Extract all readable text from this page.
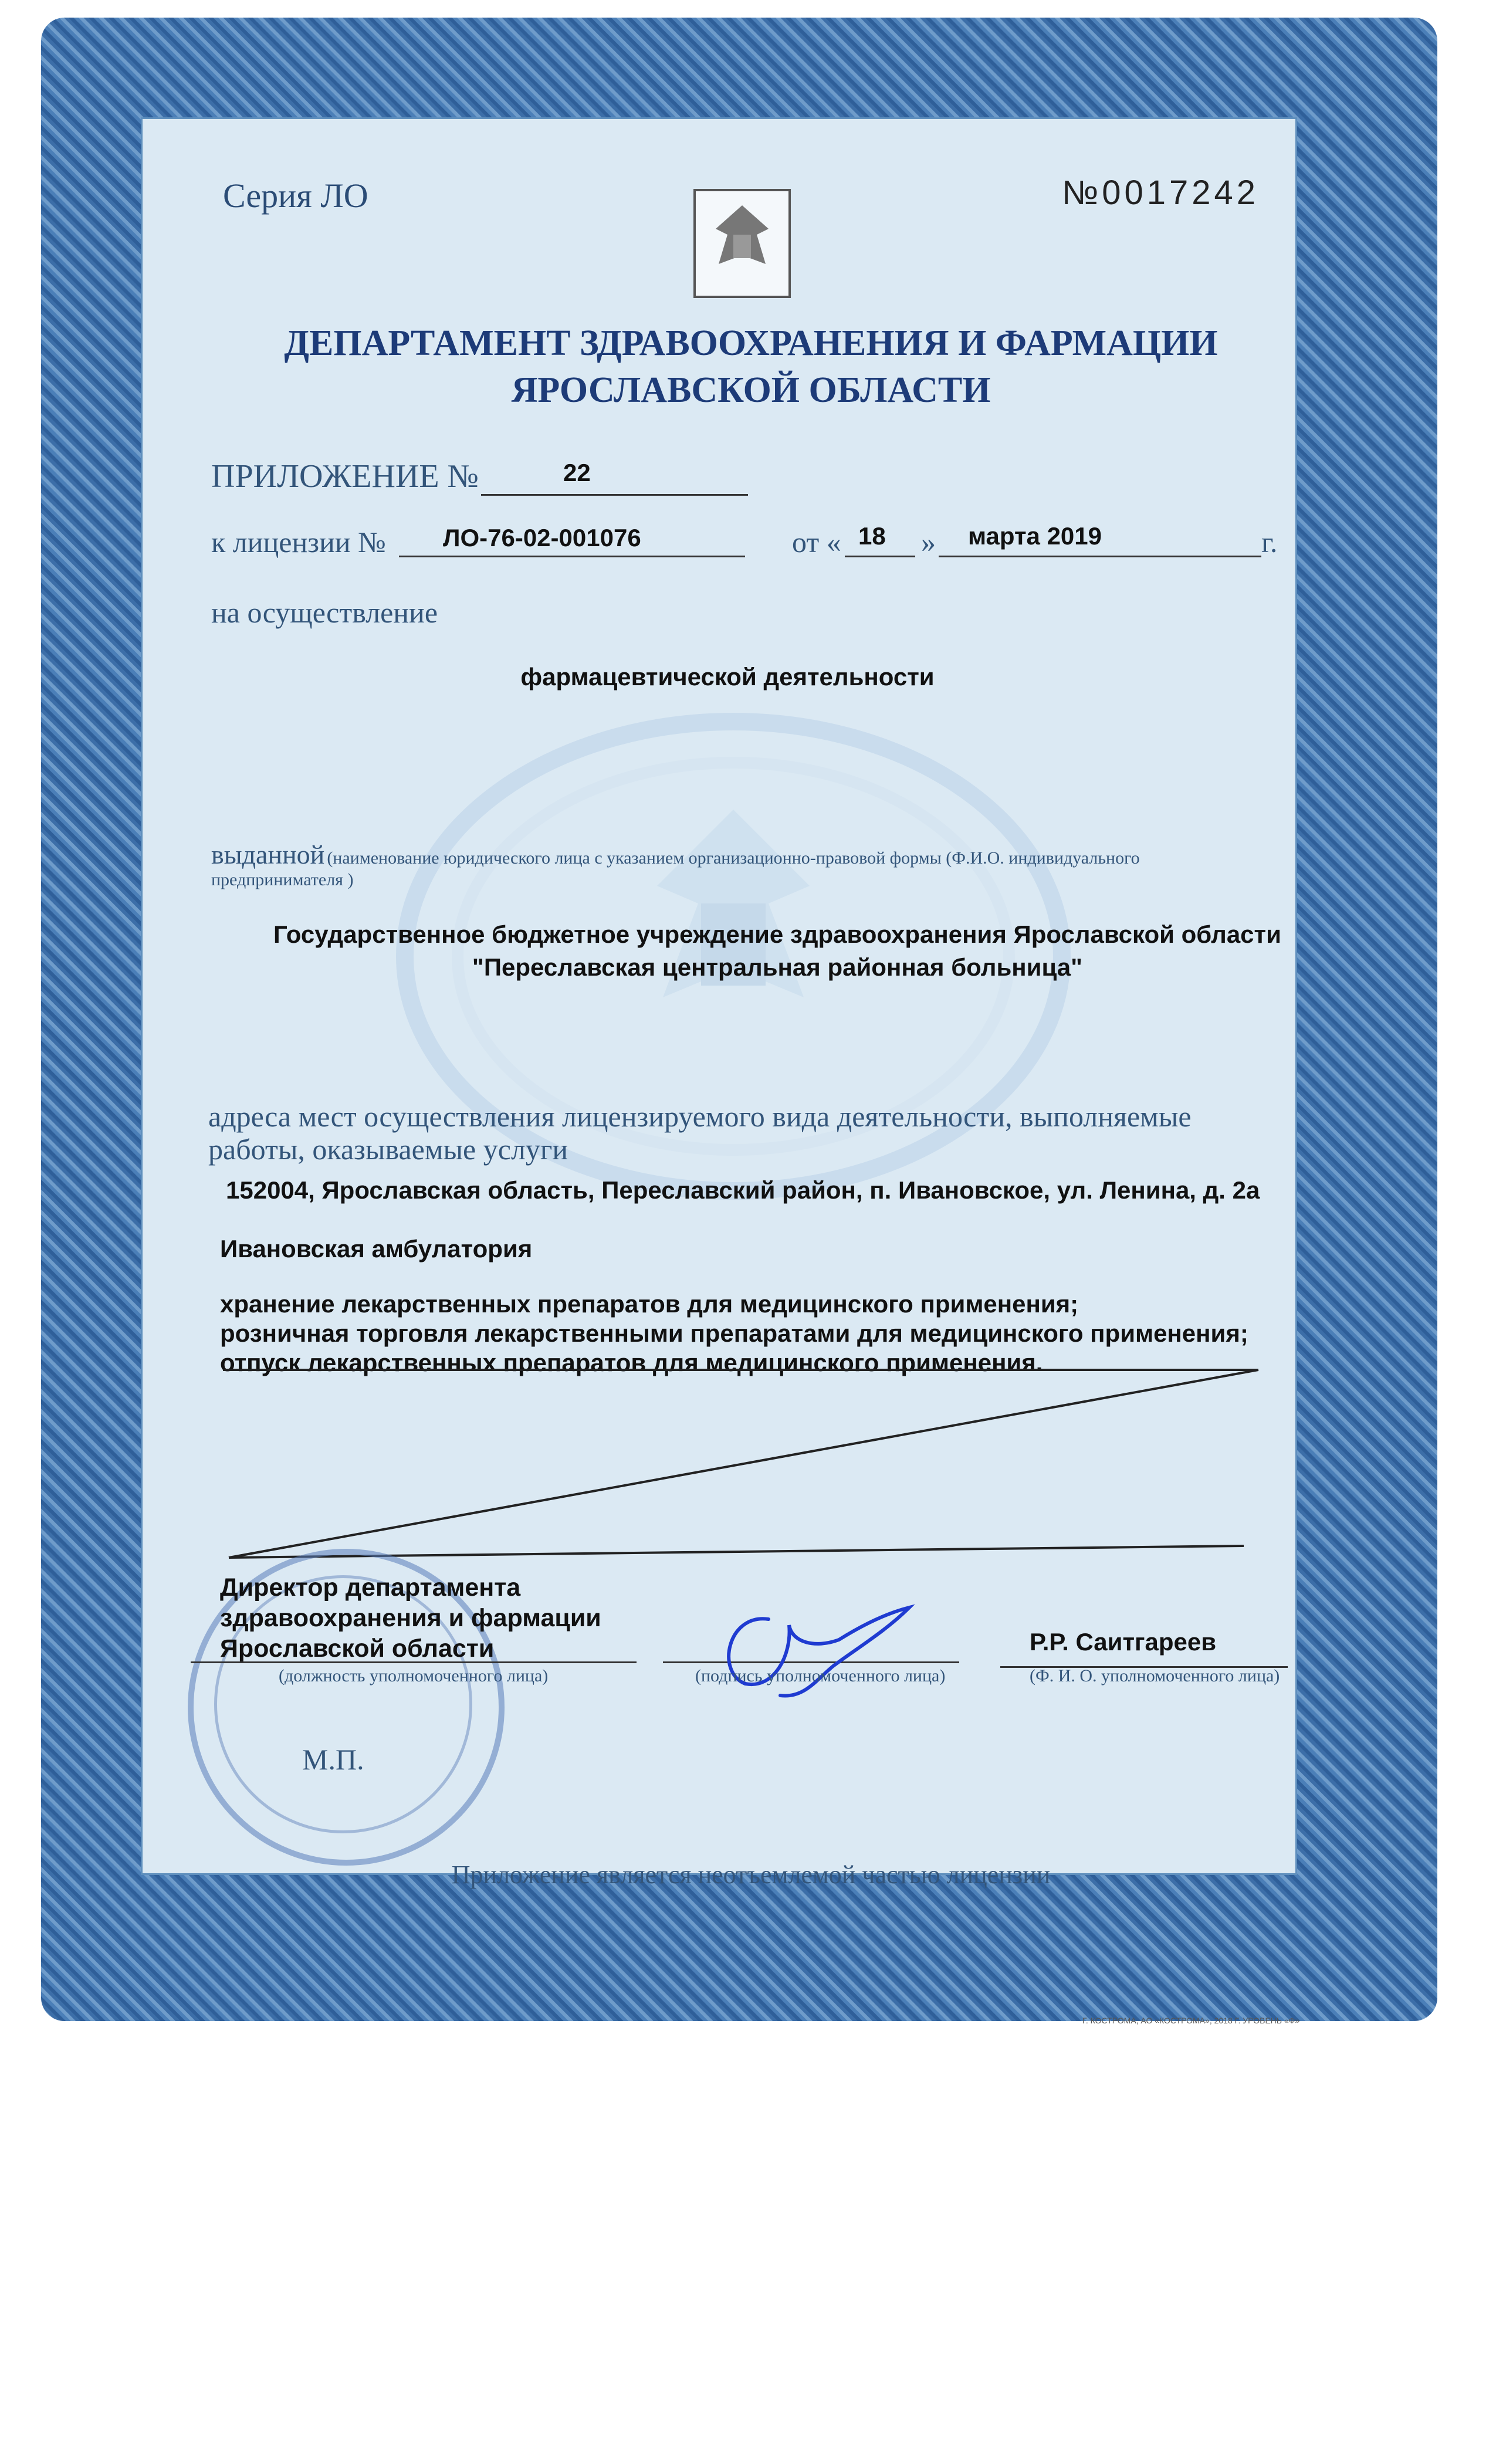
Серия ЛО	№0017242
ДЕПАРТАМЕНТ ЗДРАВООХРАНЕНИЯ И ФАРМАЦИИ
ЯРОСЛАВСКОЙ ОБЛАСТИ
ПРИЛОЖЕНИЕ №	22
к лицензии № ЛО-76-02-001076	от « 18 » марта 2019	г.
на осуществление
фармацевтической деятельности
выданной (наименование юридического лица с указанием организационно-правовой формы (Ф.И.О. индивидуального
предпринимателя )
Государственное бюджетное учреждение здравоохранения Ярославской области
"Переславская центральная районная больница"
адреса мест осуществления лицензируемого вида деятельности, выполняемые
работы, оказываемые услуги
152004, Ярославская область, Переславский район, п. Ивановское, ул. Ленина, д. 2а
Ивановская амбулатория
хранение лекарственных препаратов для медицинского применения;
розничная торговля лекарственными препаратами для медицинского применения;
отпуск лекарственных препаратов для медицинского применения.
Директор департамента
здравоохранения и фармации
Ярославской области
(должность уполномоченного лица)	(подпись уполномоченного лица)
Р.Р. Саитгареев
(Ф. И. О. уполномоченного лица)
М.П.
Приложение является неотъемлемой частью лицензии
Г. КОСТРОМА, АО «КОСТРОМА», 2018 Г. УРОВЕНЬ «Ф»
